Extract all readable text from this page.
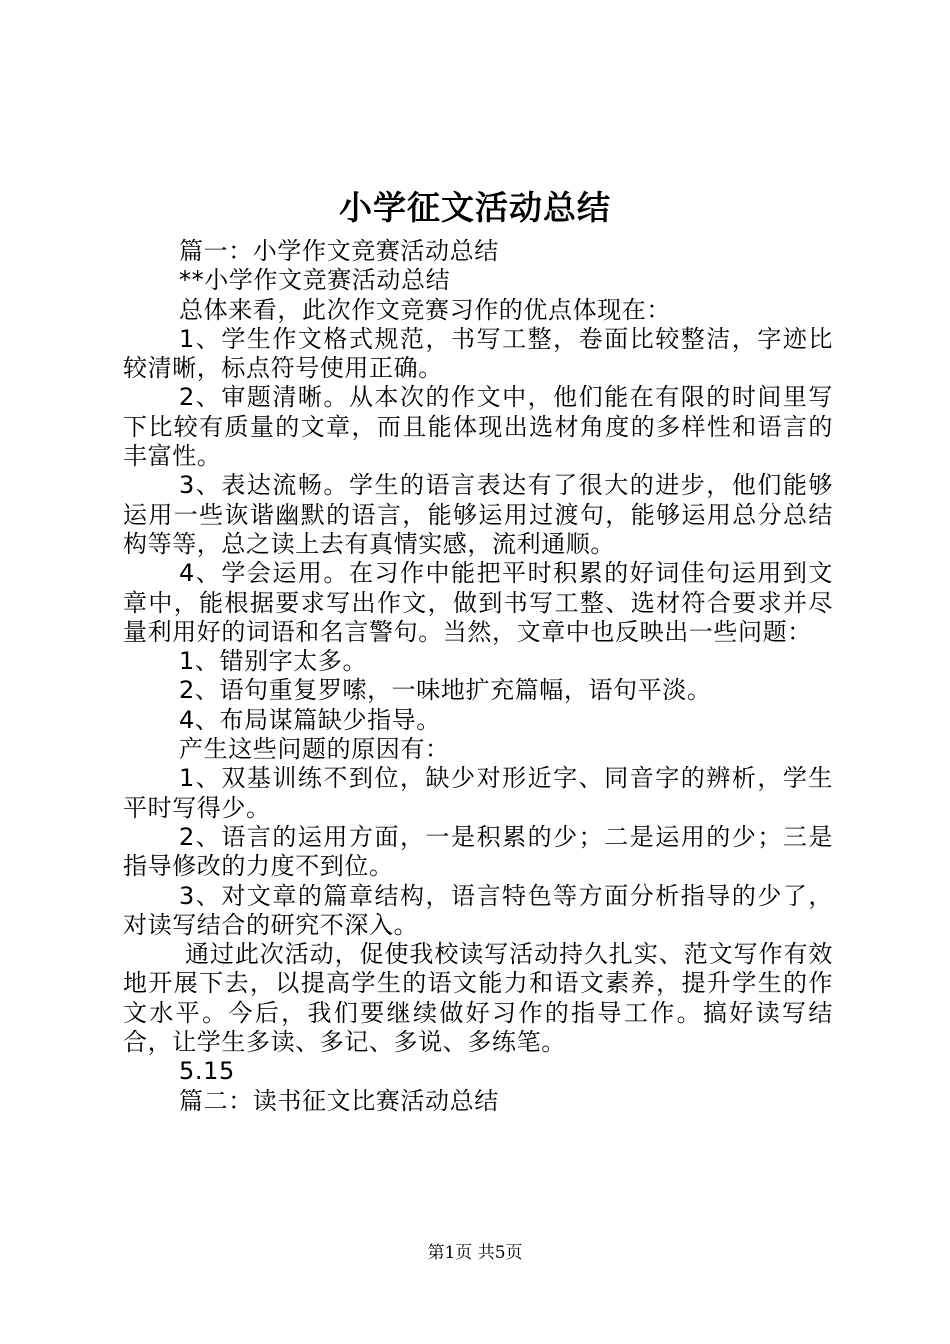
小学征文活动总结

篇一：小学作文竞赛活动总结

**小学作文竞赛活动总结

总体来看，此次作文竞赛习作的优点体现在：

1、学生作文格式规范，书写工整，卷面比较整洁，字迹比较清晰，标点符号使用正确。

2、审题清晰。从本次的作文中，他们能在有限的时间里写下比较有质量的文章，而且能体现出选材角度的多样性和语言的丰富性。

3、表达流畅。学生的语言表达有了很大的进步，他们能够运用一些诙谐幽默的语言，能够运用过渡句，能够运用总分总结构等等，总之读上去有真情实感，流利通顺。

4、学会运用。在习作中能把平时积累的好词佳句运用到文章中，能根据要求写出作文，做到书写工整、选材符合要求并尽量利用好的词语和名言警句。当然，文章中也反映出一些问题：

1、错别字太多。

2、语句重复罗嗦，一味地扩充篇幅，语句平淡。

4、布局谋篇缺少指导。

产生这些问题的原因有：

1、双基训练不到位，缺少对形近字、同音字的辨析，学生平时写得少。

2、语言的运用方面，一是积累的少；二是运用的少；三是指导修改的力度不到位。

3、对文章的篇章结构，语言特色等方面分析指导的少了，对读写结合的研究不深入。

通过此次活动，促使我校读写活动持久扎实、范文写作有效地开展下去，以提高学生的语文能力和语文素养，提升学生的作文水平。今后，我们要继续做好习作的指导工作。搞好读写结合，让学生多读、多记、多说、多练笔。

5.15

篇二：读书征文比赛活动总结

第1页 共5页
